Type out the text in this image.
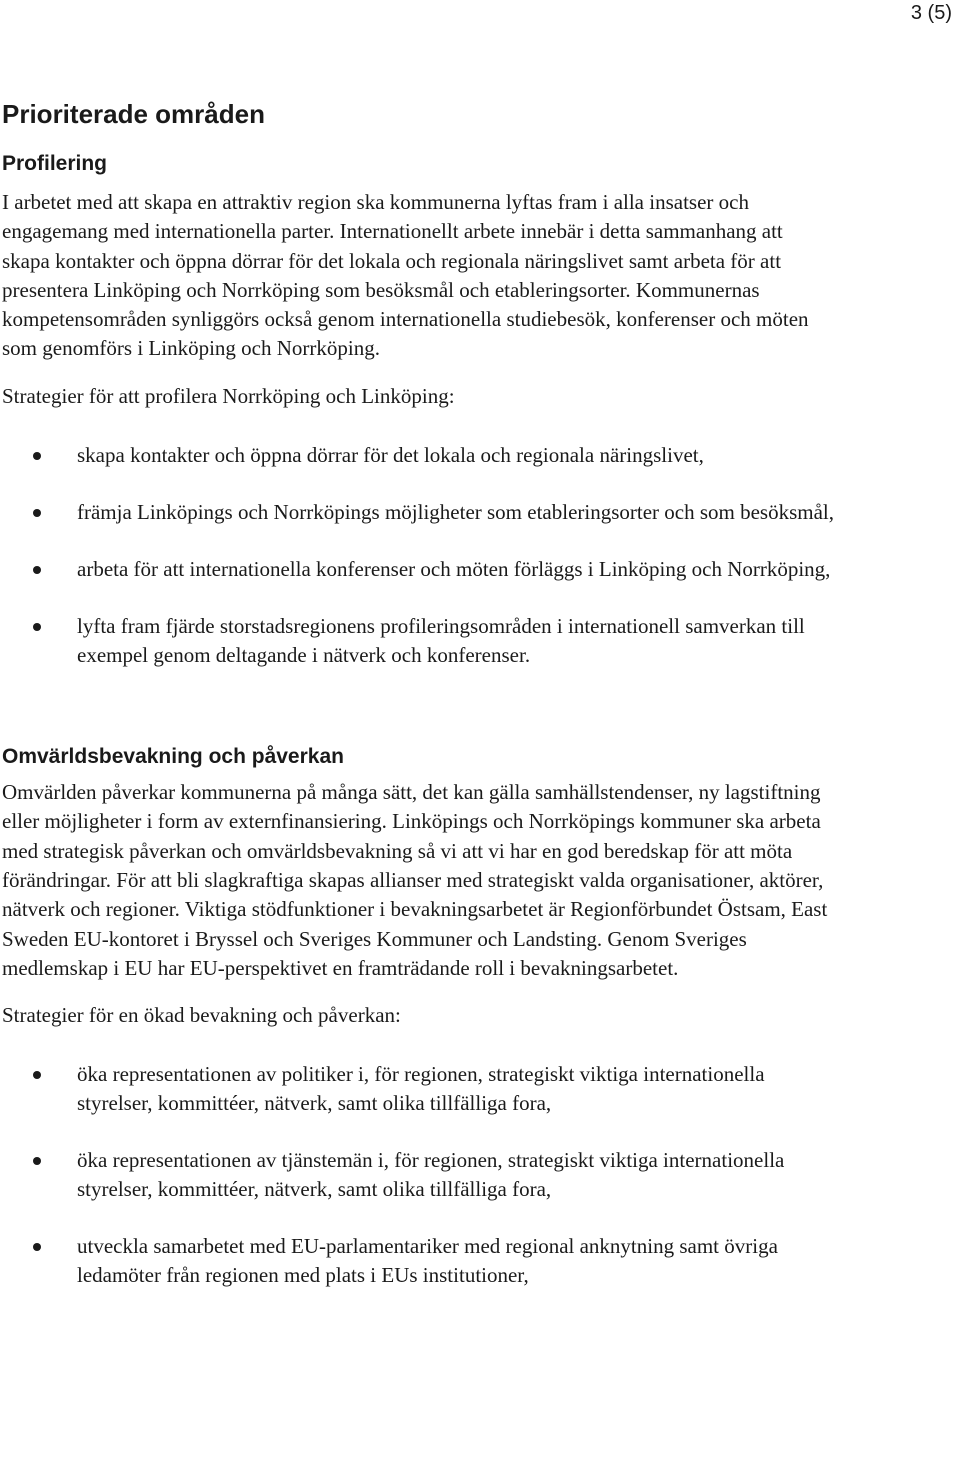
3 (5)
Prioriterade områden
Profilering

I arbetet med att skapa en attraktiv region ska kommunerna lyftas fram i alla insatser och engagemang med internationella parter. Internationellt arbete innebär i detta sammanhang att skapa kontakter och öppna dörrar för det lokala och regionala näringslivet samt arbeta för att presentera Linköping och Norrköping som besöksmål och etableringsorter. Kommunernas kompetensområden synliggörs också genom internationella studiebesök, konferenser och möten som genomförs i Linköping och Norrköping.

Strategier för att profilera Norrköping och Linköping:

skapa kontakter och öppna dörrar för det lokala och regionala näringslivet,
främja Linköpings och Norrköpings möjligheter som etableringsorter och som besöksmål,
arbeta för att internationella konferenser och möten förläggs i Linköping och Norrköping,
lyfta fram fjärde storstadsregionens profileringsområden i internationell samverkan till exempel genom deltagande i nätverk och konferenser.
Omvärldsbevakning och påverkan

Omvärlden påverkar kommunerna på många sätt, det kan gälla samhällstendenser, ny lagstiftning eller möjligheter i form av externfinansiering. Linköpings och Norrköpings kommuner ska arbeta med strategisk påverkan och omvärldsbevakning så vi att vi har en god beredskap för att möta förändringar. För att bli slagkraftiga skapas allianser med strategiskt valda organisationer, aktörer, nätverk och regioner. Viktiga stödfunktioner i bevakningsarbetet är Regionförbundet Östsam, East Sweden EU-kontoret i Bryssel och Sveriges Kommuner och Landsting. Genom Sveriges medlemskap i EU har EU-perspektivet en framträdande roll i bevakningsarbetet.

Strategier för en ökad bevakning och påverkan:

öka representationen av politiker i, för regionen, strategiskt viktiga internationella styrelser, kommittéer, nätverk, samt olika tillfälliga fora,
öka representationen av tjänstemän i, för regionen, strategiskt viktiga internationella styrelser, kommittéer, nätverk, samt olika tillfälliga fora,
utveckla samarbetet med EU-parlamentariker med regional anknytning samt övriga ledamöter från regionen med plats i EUs institutioner,
